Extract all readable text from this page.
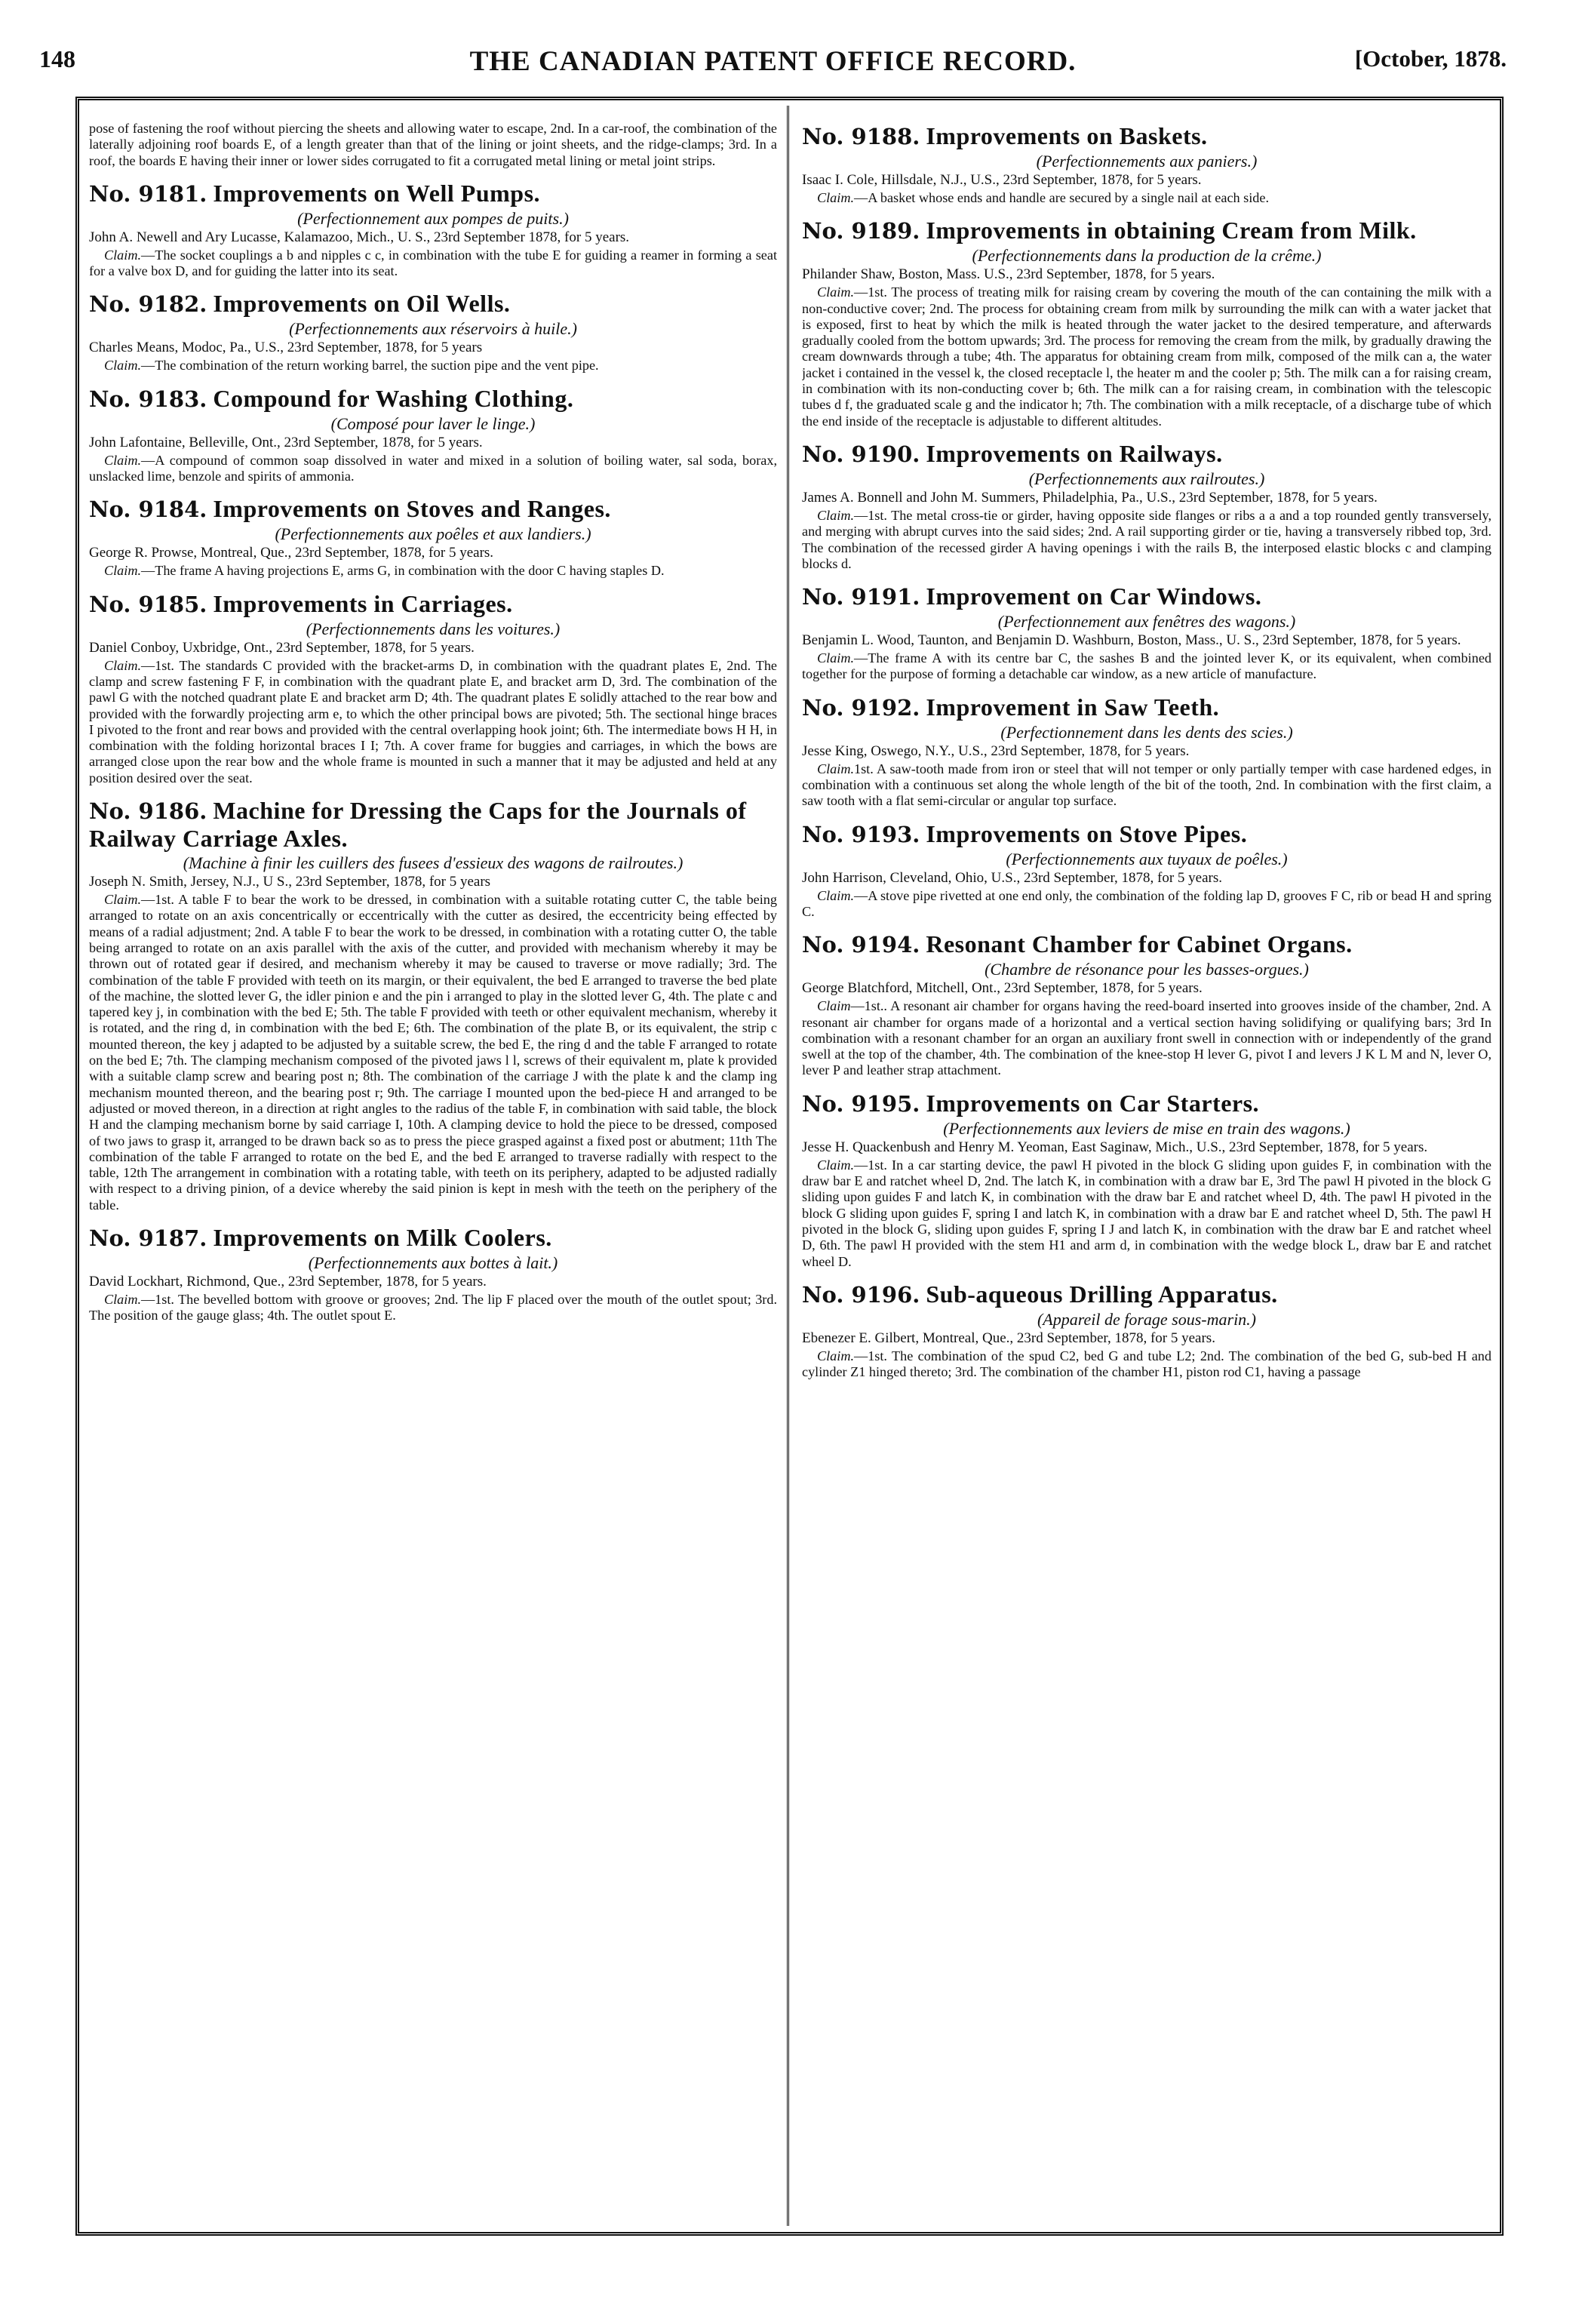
148	THE CANADIAN PATENT OFFICE RECORD.	[October, 1878.

pose of fastening the roof without piercing the sheets and allowing water to escape, 2nd. In a car-roof, the combination of the laterally adjoining roof boards E, of a length greater than that of the lining or joint sheets, and the ridge-clamps; 3rd. In a roof, the boards E having their inner or lower sides corrugated to fit a corrugated metal lining or metal joint strips.

No. 9181. Improvements on Well Pumps.

(Perfectionnement aux pompes de puits.)

John A. Newell and Ary Lucasse, Kalamazoo, Mich., U. S., 23rd September 1878, for 5 years.

Claim.—The socket couplings a b and nipples c c, in combination with the tube E for guiding a reamer in forming a seat for a valve box D, and for guiding the latter into its seat.

No. 9182. Improvements on Oil Wells.

(Perfectionnements aux réservoirs à huile.)

Charles Means, Modoc, Pa., U.S., 23rd September, 1878, for 5 years

Claim.—The combination of the return working barrel, the suction pipe and the vent pipe.

No. 9183. Compound for Washing Clothing.

(Composé pour laver le linge.)

John Lafontaine, Belleville, Ont., 23rd September, 1878, for 5 years.

Claim.—A compound of common soap dissolved in water and mixed in a solution of boiling water, sal soda, borax, unslacked lime, benzole and spirits of ammonia.

No. 9184. Improvements on Stoves and Ranges.

(Perfectionnements aux poêles et aux landiers.)

George R. Prowse, Montreal, Que., 23rd September, 1878, for 5 years.

Claim.—The frame A having projections E, arms G, in combination with the door C having staples D.

No. 9185. Improvements in Carriages.

(Perfectionnements dans les voitures.)

Daniel Conboy, Uxbridge, Ont., 23rd September, 1878, for 5 years.

Claim.—1st. The standards C provided with the bracket-arms D, in combination with the quadrant plates E, 2nd. The clamp and screw fastening F F, in combination with the quadrant plate E, and bracket arm D, 3rd. The combination of the pawl G with the notched quadrant plate E and bracket arm D; 4th. The quadrant plates E solidly attached to the rear bow and provided with the forwardly projecting arm e, to which the other principal bows are pivoted; 5th. The sectional hinge braces I pivoted to the front and rear bows and provided with the central overlapping hook joint; 6th. The intermediate bows H H, in combination with the folding horizontal braces I I; 7th. A cover frame for buggies and carriages, in which the bows are arranged close upon the rear bow and the whole frame is mounted in such a manner that it may be adjusted and held at any position desired over the seat.

No. 9186. Machine for Dressing the Caps for the Journals of Railway Carriage Axles.

(Machine à finir les cuillers des fusees d'essieux des wagons de railroutes.)

Joseph N. Smith, Jersey, N.J., U S., 23rd September, 1878, for 5 years

Claim.—1st. A table F to bear the work to be dressed, in combination with a suitable rotating cutter C, the table being arranged to rotate on an axis concentrically or eccentrically with the cutter as desired, the eccentricity being effected by means of a radial adjustment; 2nd. A table F to bear the work to be dressed, in combination with a rotating cutter O, the table being arranged to rotate on an axis parallel with the axis of the cutter, and provided with mechanism whereby it may be thrown out of rotated gear if desired, and mechanism whereby it may be caused to traverse or move radially; 3rd. The combination of the table F provided with teeth on its margin, or their equivalent, the bed E arranged to traverse the bed plate of the machine, the slotted lever G, the idler pinion e and the pin i arranged to play in the slotted lever G, 4th. The plate c and tapered key j, in combination with the bed E; 5th. The table F provided with teeth or other equivalent mechanism, whereby it is rotated, and the ring d, in combination with the bed E; 6th. The combination of the plate B, or its equivalent, the strip c mounted thereon, the key j adapted to be adjusted by a suitable screw, the bed E, the ring d and the table F arranged to rotate on the bed E; 7th. The clamping mechanism composed of the pivoted jaws l l, screws of their equivalent m, plate k provided with a suitable clamp screw and bearing post n; 8th. The combination of the carriage J with the plate k and the clamp ing mechanism mounted thereon, and the bearing post r; 9th. The carriage I mounted upon the bed-piece H and arranged to be adjusted or moved thereon, in a direction at right angles to the radius of the table F, in combination with said table, the block H and the clamping mechanism borne by said carriage I, 10th. A clamping device to hold the piece to be dressed, composed of two jaws to grasp it, arranged to be drawn back so as to press the piece grasped against a fixed post or abutment; 11th The combination of the table F arranged to rotate on the bed E, and the bed E arranged to traverse radially with respect to the table, 12th The arrangement in combination with a rotating table, with teeth on its periphery, adapted to be adjusted radially with respect to a driving pinion, of a device whereby the said pinion is kept in mesh with the teeth on the periphery of the table.

No. 9187. Improvements on Milk Coolers.

(Perfectionnements aux bottes à lait.)

David Lockhart, Richmond, Que., 23rd September, 1878, for 5 years.

Claim.—1st. The bevelled bottom with groove or grooves; 2nd. The lip F placed over the mouth of the outlet spout; 3rd. The position of the gauge glass; 4th. The outlet spout E.

No. 9188. Improvements on Baskets.

(Perfectionnements aux paniers.)

Isaac I. Cole, Hillsdale, N.J., U.S., 23rd September, 1878, for 5 years.

Claim.—A basket whose ends and handle are secured by a single nail at each side.

No. 9189. Improvements in obtaining Cream from Milk.

(Perfectionnements dans la production de la crême.)

Philander Shaw, Boston, Mass. U.S., 23rd September, 1878, for 5 years.

Claim.—1st. The process of treating milk for raising cream by covering the mouth of the can containing the milk with a non-conductive cover; 2nd. The process for obtaining cream from milk by surrounding the milk can with a water jacket that is exposed, first to heat by which the milk is heated through the water jacket to the desired temperature, and afterwards gradually cooled from the bottom upwards; 3rd. The process for removing the cream from the milk, by gradually drawing the cream downwards through a tube; 4th. The apparatus for obtaining cream from milk, composed of the milk can a, the water jacket i contained in the vessel k, the closed receptacle l, the heater m and the cooler p; 5th. The milk can a for raising cream, in combination with its non-conducting cover b; 6th. The milk can a for raising cream, in combination with the telescopic tubes d f, the graduated scale g and the indicator h; 7th. The combination with a milk receptacle, of a discharge tube of which the end inside of the receptacle is adjustable to different altitudes.

No. 9190. Improvements on Railways.

(Perfectionnements aux railroutes.)

James A. Bonnell and John M. Summers, Philadelphia, Pa., U.S., 23rd September, 1878, for 5 years.

Claim.—1st. The metal cross-tie or girder, having opposite side flanges or ribs a a and a top rounded gently transversely, and merging with abrupt curves into the said sides; 2nd. A rail supporting girder or tie, having a transversely ribbed top, 3rd. The combination of the recessed girder A having openings i with the rails B, the interposed elastic blocks c and clamping blocks d.

No. 9191. Improvement on Car Windows.

(Perfectionnement aux fenêtres des wagons.)

Benjamin L. Wood, Taunton, and Benjamin D. Washburn, Boston, Mass., U. S., 23rd September, 1878, for 5 years.

Claim.—The frame A with its centre bar C, the sashes B and the jointed lever K, or its equivalent, when combined together for the purpose of forming a detachable car window, as a new article of manufacture.

No. 9192. Improvement in Saw Teeth.

(Perfectionnement dans les dents des scies.)

Jesse King, Oswego, N.Y., U.S., 23rd September, 1878, for 5 years.

Claim.1st. A saw-tooth made from iron or steel that will not temper or only partially temper with case hardened edges, in combination with a continuous set along the whole length of the bit of the tooth, 2nd. In combination with the first claim, a saw tooth with a flat semi-circular or angular top surface.

No. 9193. Improvements on Stove Pipes.

(Perfectionnements aux tuyaux de poêles.)

John Harrison, Cleveland, Ohio, U.S., 23rd September, 1878, for 5 years.

Claim.—A stove pipe rivetted at one end only, the combination of the folding lap D, grooves F C, rib or bead H and spring C.

No. 9194. Resonant Chamber for Cabinet Organs.

(Chambre de résonance pour les basses-orgues.)

George Blatchford, Mitchell, Ont., 23rd September, 1878, for 5 years.

Claim—1st.. A resonant air chamber for organs having the reed-board inserted into grooves inside of the chamber, 2nd. A resonant air chamber for organs made of a horizontal and a vertical section having solidifying or qualifying bars; 3rd In combination with a resonant chamber for an organ an auxiliary front swell in connection with or independently of the grand swell at the top of the chamber, 4th. The combination of the knee-stop H lever G, pivot I and levers J K L M and N, lever O, lever P and leather strap attachment.

No. 9195. Improvements on Car Starters.

(Perfectionnements aux leviers de mise en train des wagons.)

Jesse H. Quackenbush and Henry M. Yeoman, East Saginaw, Mich., U.S., 23rd September, 1878, for 5 years.

Claim.—1st. In a car starting device, the pawl H pivoted in the block G sliding upon guides F, in combination with the draw bar E and ratchet wheel D, 2nd. The latch K, in combination with a draw bar E, 3rd The pawl H pivoted in the block G sliding upon guides F and latch K, in combination with the draw bar E and ratchet wheel D, 4th. The pawl H pivoted in the block G sliding upon guides F, spring I and latch K, in combination with a draw bar E and ratchet wheel D, 5th. The pawl H pivoted in the block G, sliding upon guides F, spring I J and latch K, in combination with the draw bar E and ratchet wheel D, 6th. The pawl H provided with the stem H1 and arm d, in combination with the wedge block L, draw bar E and ratchet wheel D.

No. 9196. Sub-aqueous Drilling Apparatus.

(Appareil de forage sous-marin.)

Ebenezer E. Gilbert, Montreal, Que., 23rd September, 1878, for 5 years.

Claim.—1st. The combination of the spud C2, bed G and tube L2; 2nd. The combination of the bed G, sub-bed H and cylinder Z1 hinged thereto; 3rd. The combination of the chamber H1, piston rod C1, having a passage
